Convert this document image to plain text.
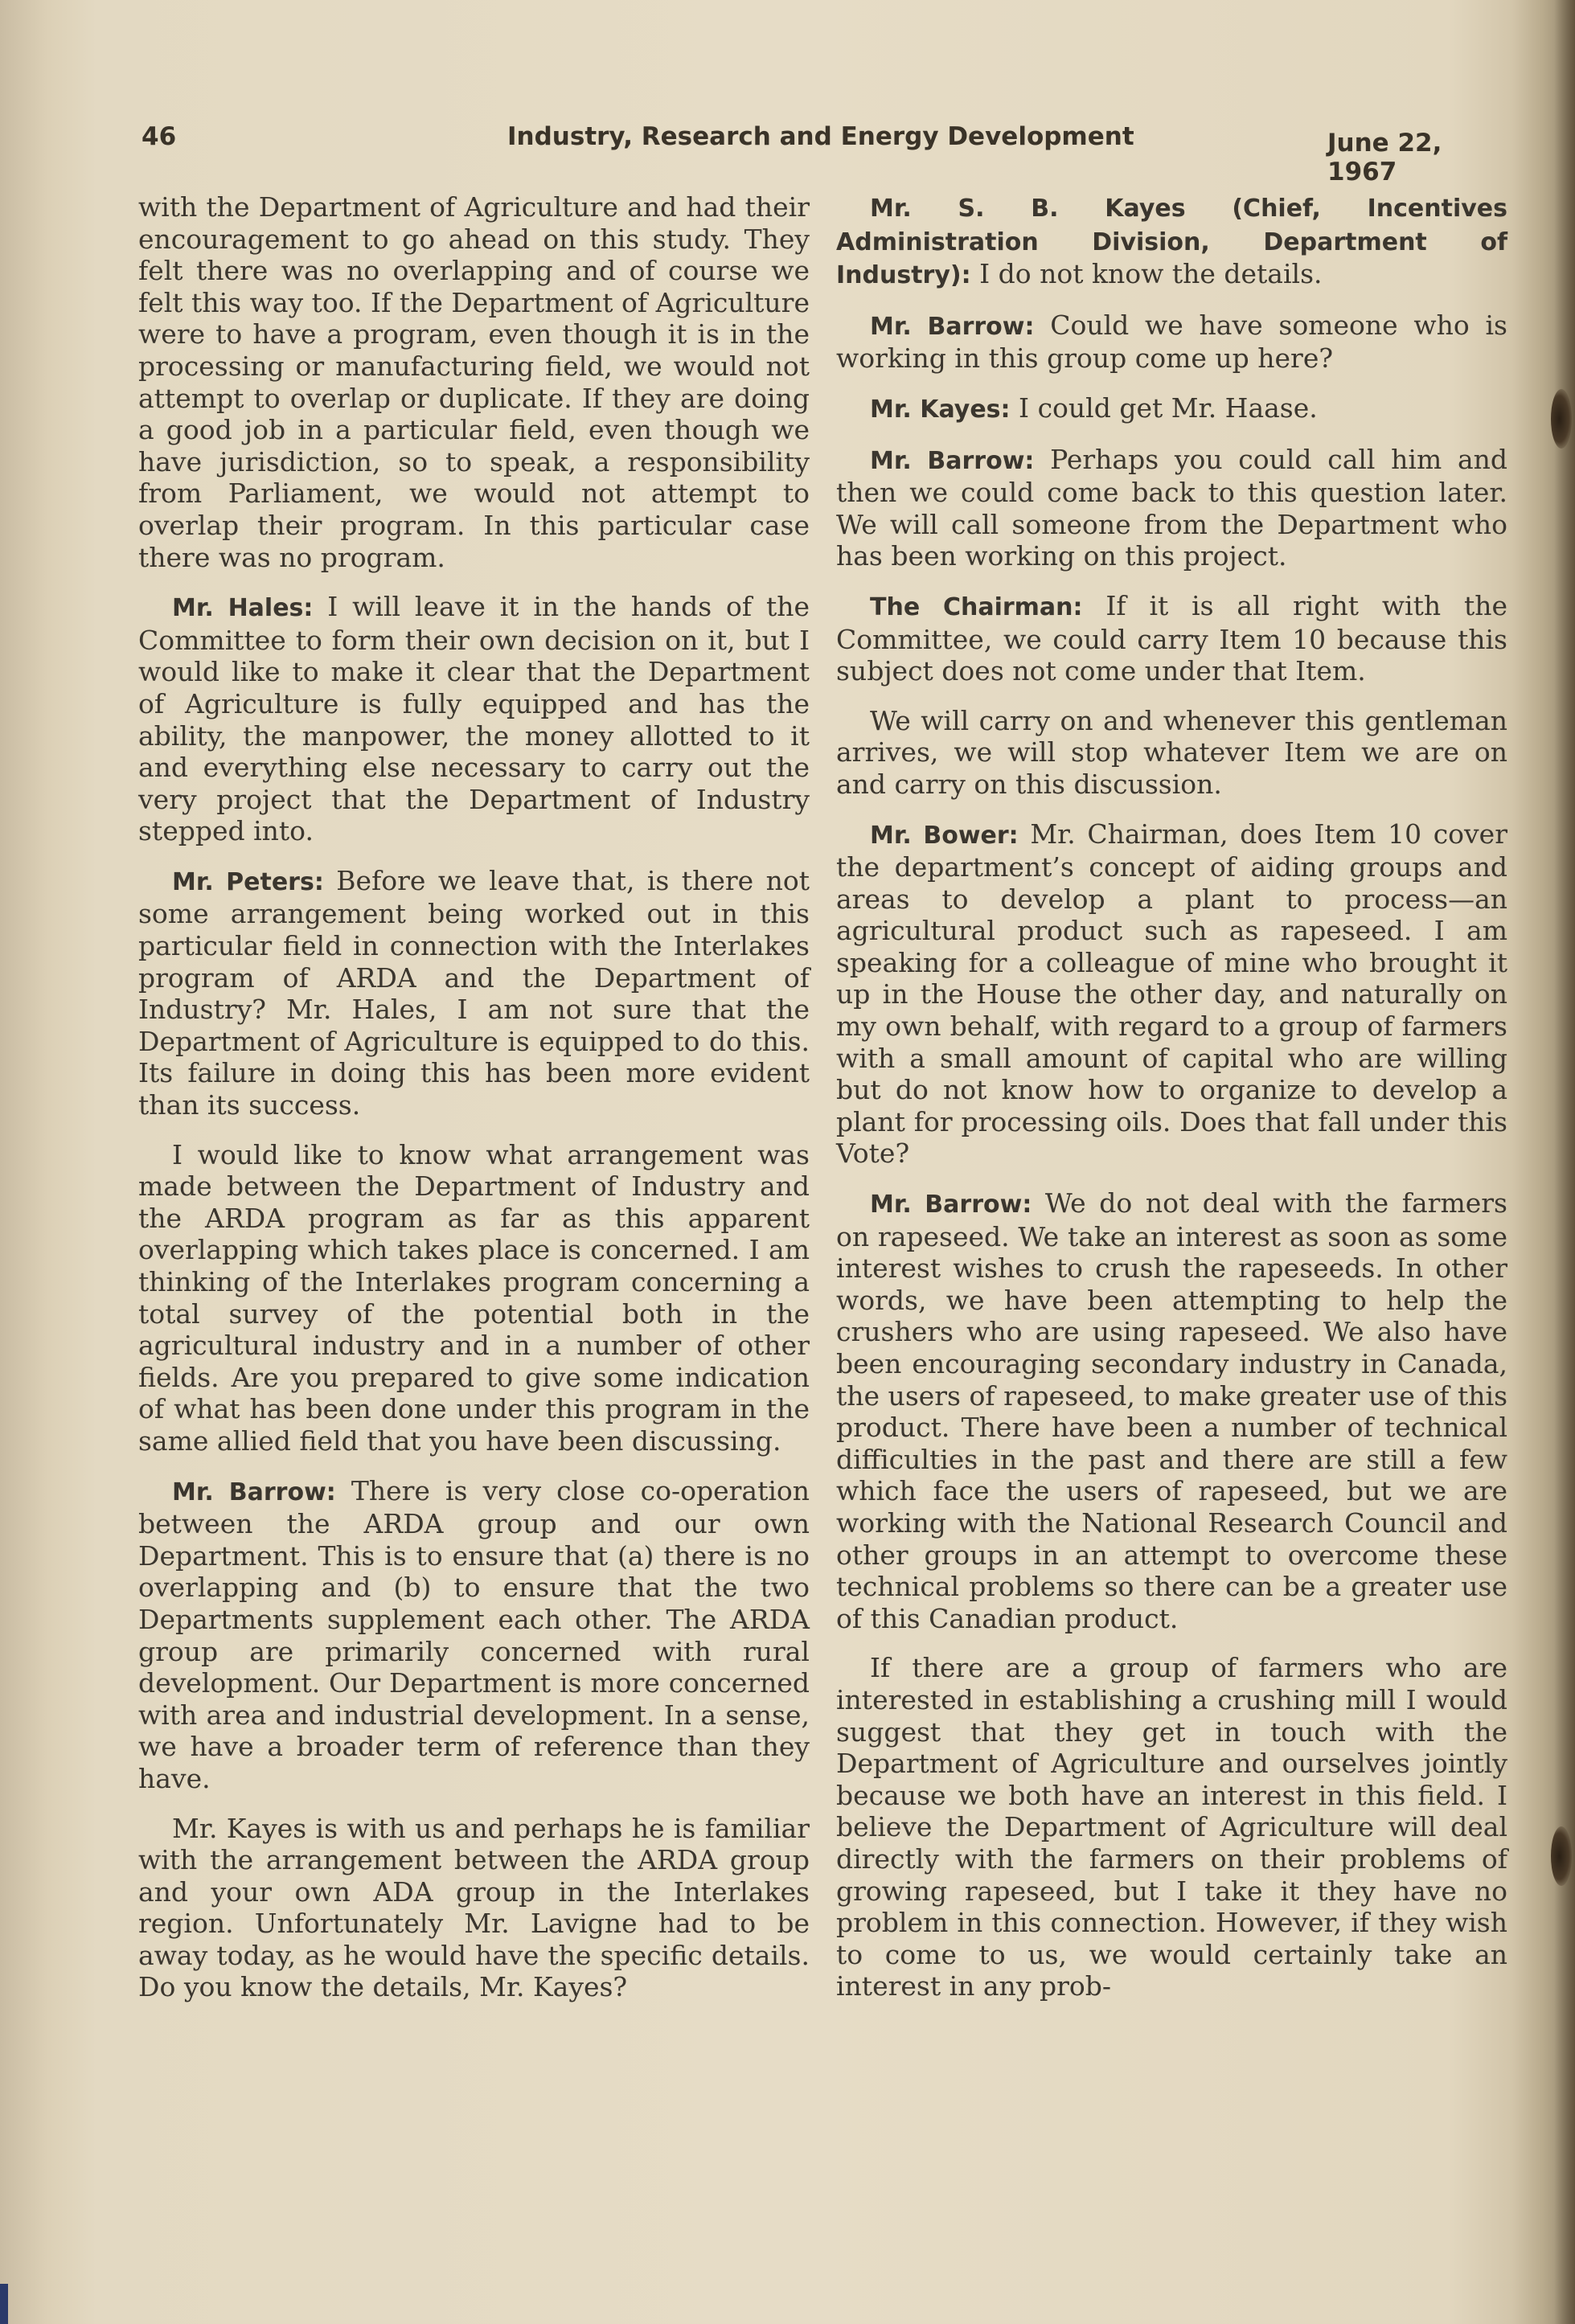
46	Industry, Research and Energy Development	June 22, 1967

with the Department of Agriculture and had their encouragement to go ahead on this study. They felt there was no overlapping and of course we felt this way too. If the Department of Agriculture were to have a program, even though it is in the processing or manufacturing field, we would not attempt to overlap or duplicate. If they are doing a good job in a particular field, even though we have jurisdiction, so to speak, a responsibility from Parliament, we would not attempt to overlap their program. In this particular case there was no program.

Mr. Hales: I will leave it in the hands of the Committee to form their own decision on it, but I would like to make it clear that the Department of Agriculture is fully equipped and has the ability, the manpower, the money allotted to it and everything else necessary to carry out the very project that the Department of Industry stepped into.

Mr. Peters: Before we leave that, is there not some arrangement being worked out in this particular field in connection with the Interlakes program of ARDA and the Department of Industry? Mr. Hales, I am not sure that the Department of Agriculture is equipped to do this. Its failure in doing this has been more evident than its success.

I would like to know what arrangement was made between the Department of Industry and the ARDA program as far as this apparent overlapping which takes place is concerned. I am thinking of the Interlakes program concerning a total survey of the potential both in the agricultural industry and in a number of other fields. Are you prepared to give some indication of what has been done under this program in the same allied field that you have been discussing.

Mr. Barrow: There is very close co-operation between the ARDA group and our own Department. This is to ensure that (a) there is no overlapping and (b) to ensure that the two Departments supplement each other. The ARDA group are primarily concerned with rural development. Our Department is more concerned with area and industrial development. In a sense, we have a broader term of reference than they have.

Mr. Kayes is with us and perhaps he is familiar with the arrangement between the ARDA group and your own ADA group in the Interlakes region. Unfortunately Mr. Lavigne had to be away today, as he would have the specific details. Do you know the details, Mr. Kayes?

Mr. S. B. Kayes (Chief, Incentives Administration Division, Department of Industry): I do not know the details.

Mr. Barrow: Could we have someone who is working in this group come up here?

Mr. Kayes: I could get Mr. Haase.

Mr. Barrow: Perhaps you could call him and then we could come back to this question later. We will call someone from the Department who has been working on this project.

The Chairman: If it is all right with the Committee, we could carry Item 10 because this subject does not come under that Item.

We will carry on and whenever this gentleman arrives, we will stop whatever Item we are on and carry on this discussion.

Mr. Bower: Mr. Chairman, does Item 10 cover the department’s concept of aiding groups and areas to develop a plant to process—an agricultural product such as rapeseed. I am speaking for a colleague of mine who brought it up in the House the other day, and naturally on my own behalf, with regard to a group of farmers with a small amount of capital who are willing but do not know how to organize to develop a plant for processing oils. Does that fall under this Vote?

Mr. Barrow: We do not deal with the farmers on rapeseed. We take an interest as soon as some interest wishes to crush the rapeseeds. In other words, we have been attempting to help the crushers who are using rapeseed. We also have been encouraging secondary industry in Canada, the users of rapeseed, to make greater use of this product. There have been a number of technical difficulties in the past and there are still a few which face the users of rapeseed, but we are working with the National Research Council and other groups in an attempt to overcome these technical problems so there can be a greater use of this Canadian product.

If there are a group of farmers who are interested in establishing a crushing mill I would suggest that they get in touch with the Department of Agriculture and ourselves jointly because we both have an interest in this field. I believe the Department of Agriculture will deal directly with the farmers on their problems of growing rapeseed, but I take it they have no problem in this connection. However, if they wish to come to us, we would certainly take an interest in any prob-
